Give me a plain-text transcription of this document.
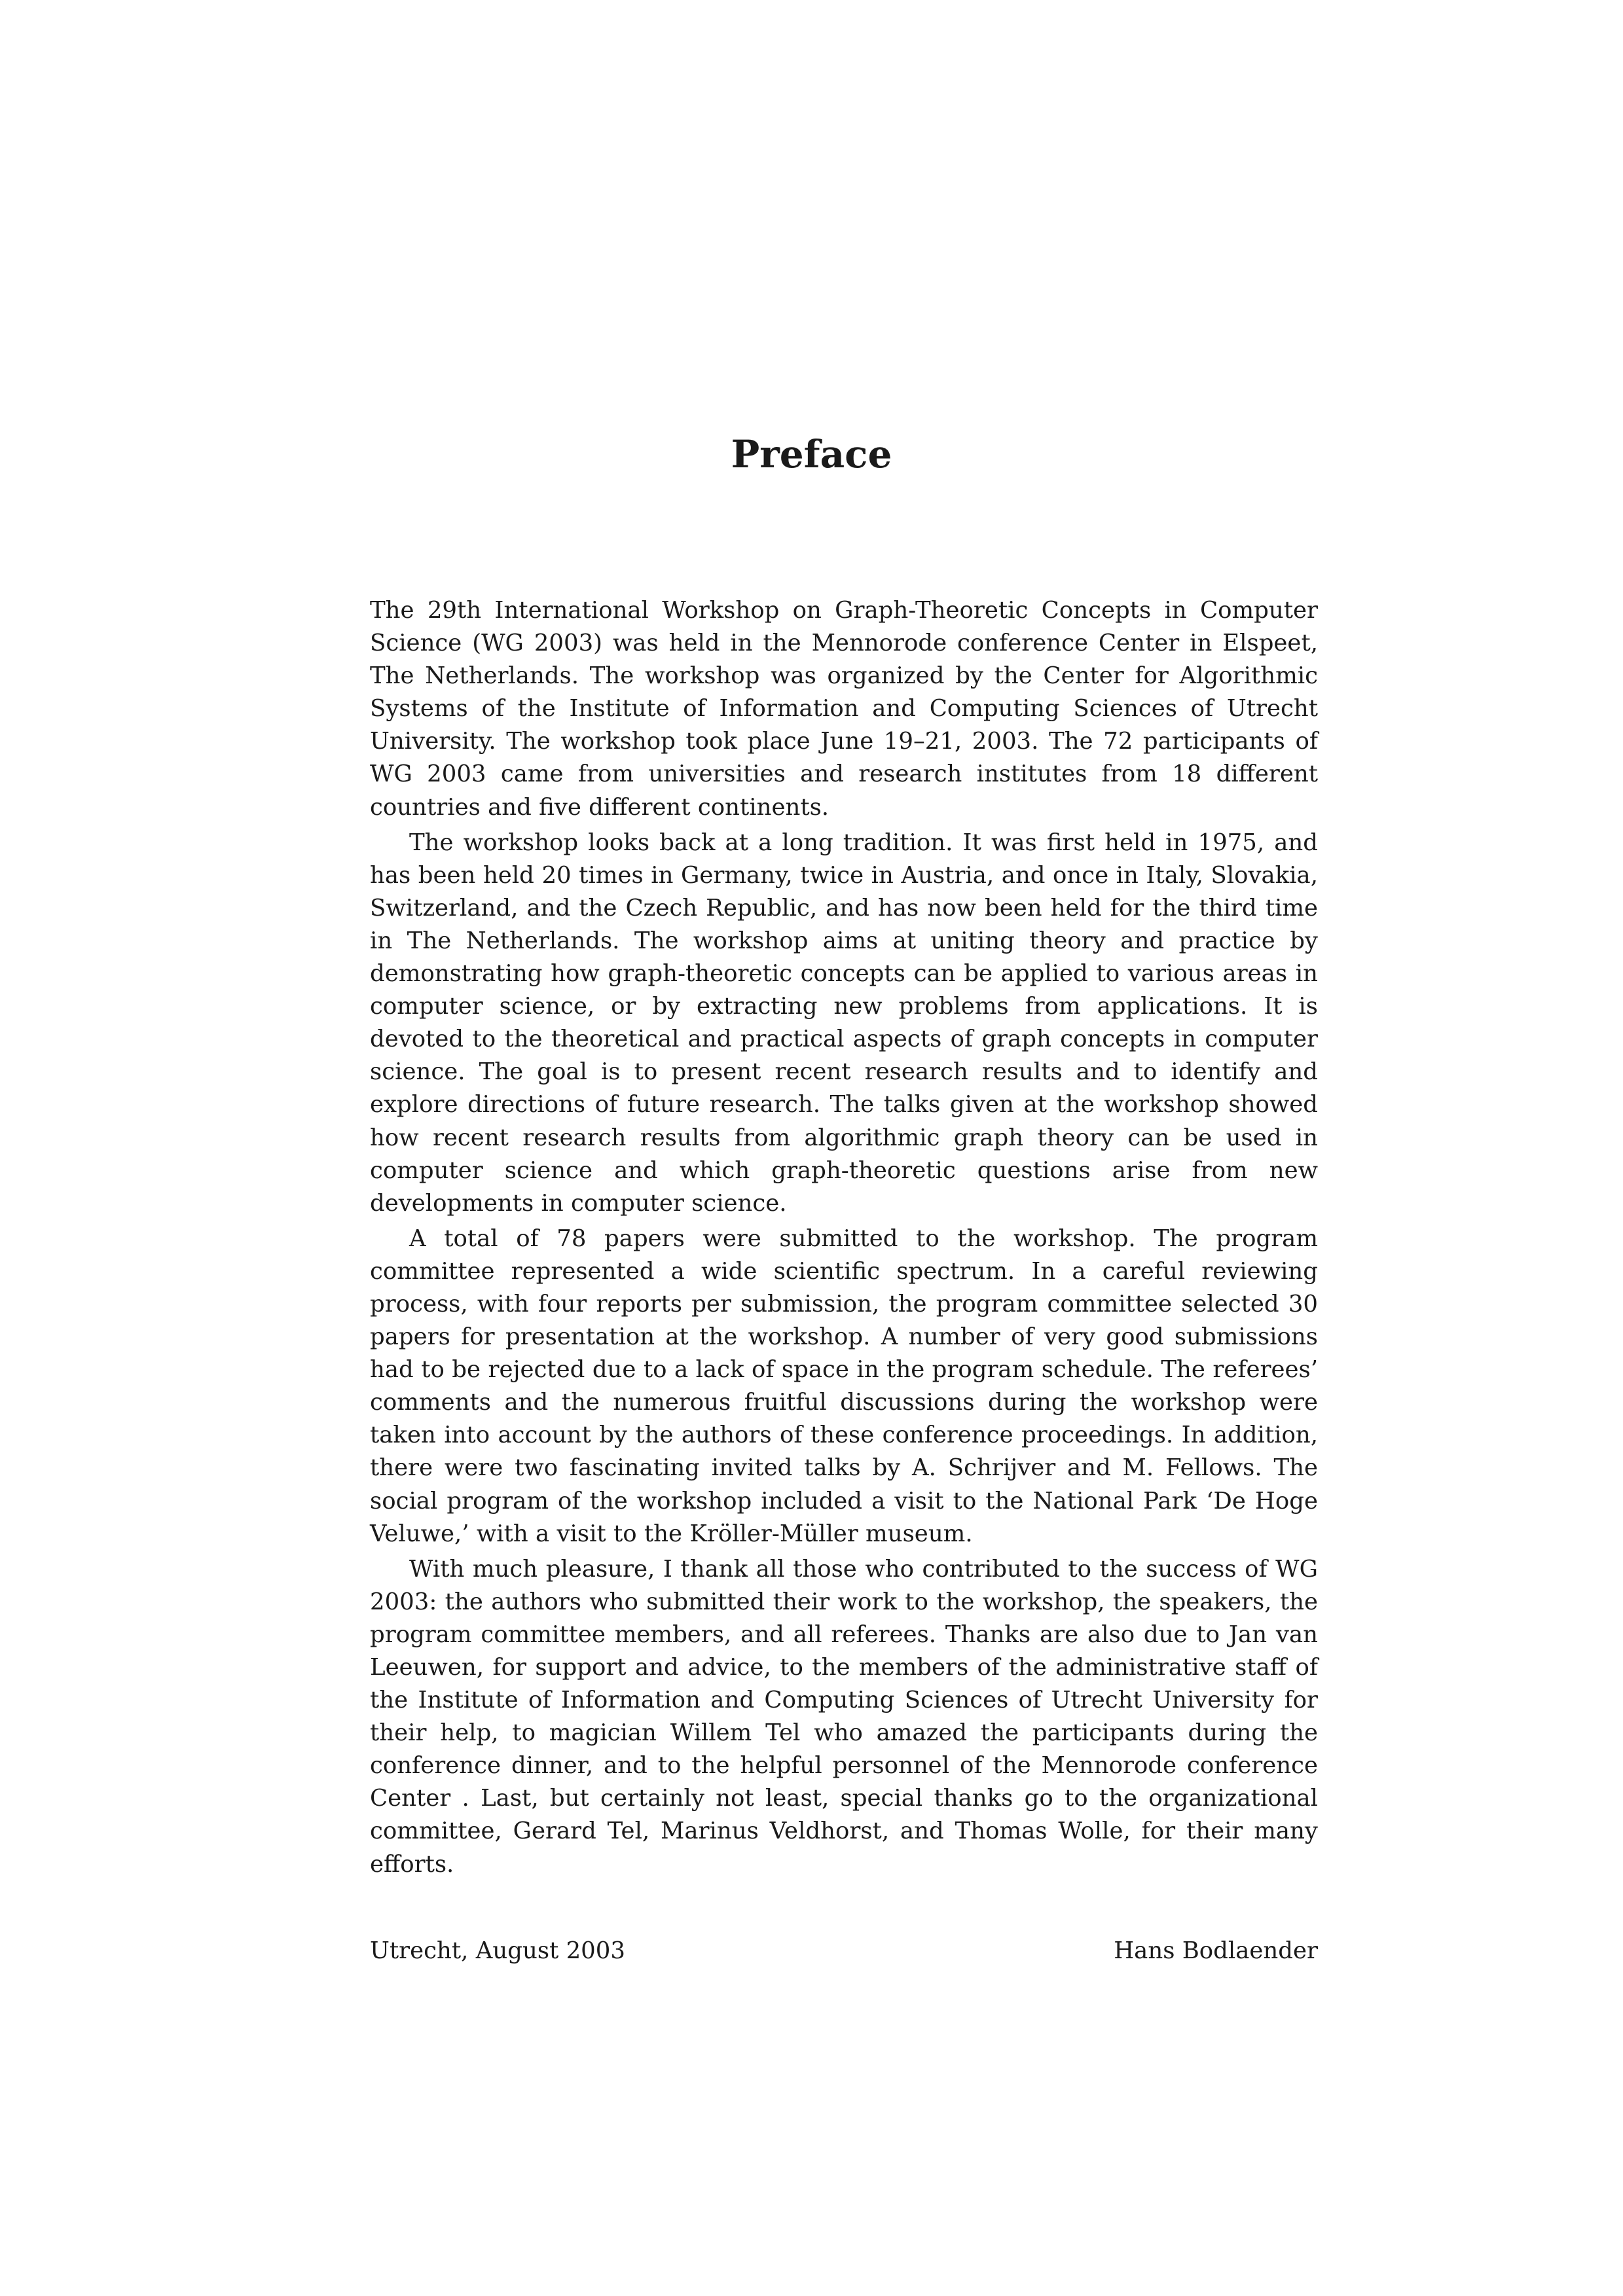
Preface

The 29th International Workshop on Graph-Theoretic Concepts in Computer Science (WG 2003) was held in the Mennorode conference Center in Elspeet, The Netherlands. The workshop was organized by the Center for Algorithmic Systems of the Institute of Information and Computing Sciences of Utrecht University. The workshop took place June 19–21, 2003. The 72 participants of WG 2003 came from universities and research institutes from 18 different countries and five different continents.

The workshop looks back at a long tradition. It was first held in 1975, and has been held 20 times in Germany, twice in Austria, and once in Italy, Slovakia, Switzerland, and the Czech Republic, and has now been held for the third time in The Netherlands. The workshop aims at uniting theory and practice by demonstrating how graph-theoretic concepts can be applied to various areas in computer science, or by extracting new problems from applications. It is devoted to the theoretical and practical aspects of graph concepts in computer science. The goal is to present recent research results and to identify and explore directions of future research. The talks given at the workshop showed how recent research results from algorithmic graph theory can be used in computer science and which graph-theoretic questions arise from new developments in computer science.

A total of 78 papers were submitted to the workshop. The program committee represented a wide scientific spectrum. In a careful reviewing process, with four reports per submission, the program committee selected 30 papers for presentation at the workshop. A number of very good submissions had to be rejected due to a lack of space in the program schedule. The referees’ comments and the numerous fruitful discussions during the workshop were taken into account by the authors of these conference proceedings. In addition, there were two fascinating invited talks by A. Schrijver and M. Fellows. The social program of the workshop included a visit to the National Park ‘De Hoge Veluwe,’ with a visit to the Kröller-Müller museum.

With much pleasure, I thank all those who contributed to the success of WG 2003: the authors who submitted their work to the workshop, the speakers, the program committee members, and all referees. Thanks are also due to Jan van Leeuwen, for support and advice, to the members of the administrative staff of the Institute of Information and Computing Sciences of Utrecht University for their help, to magician Willem Tel who amazed the participants during the conference dinner, and to the helpful personnel of the Mennorode conference Center . Last, but certainly not least, special thanks go to the organizational committee, Gerard Tel, Marinus Veldhorst, and Thomas Wolle, for their many efforts.

Utrecht, August 2003	Hans Bodlaender
